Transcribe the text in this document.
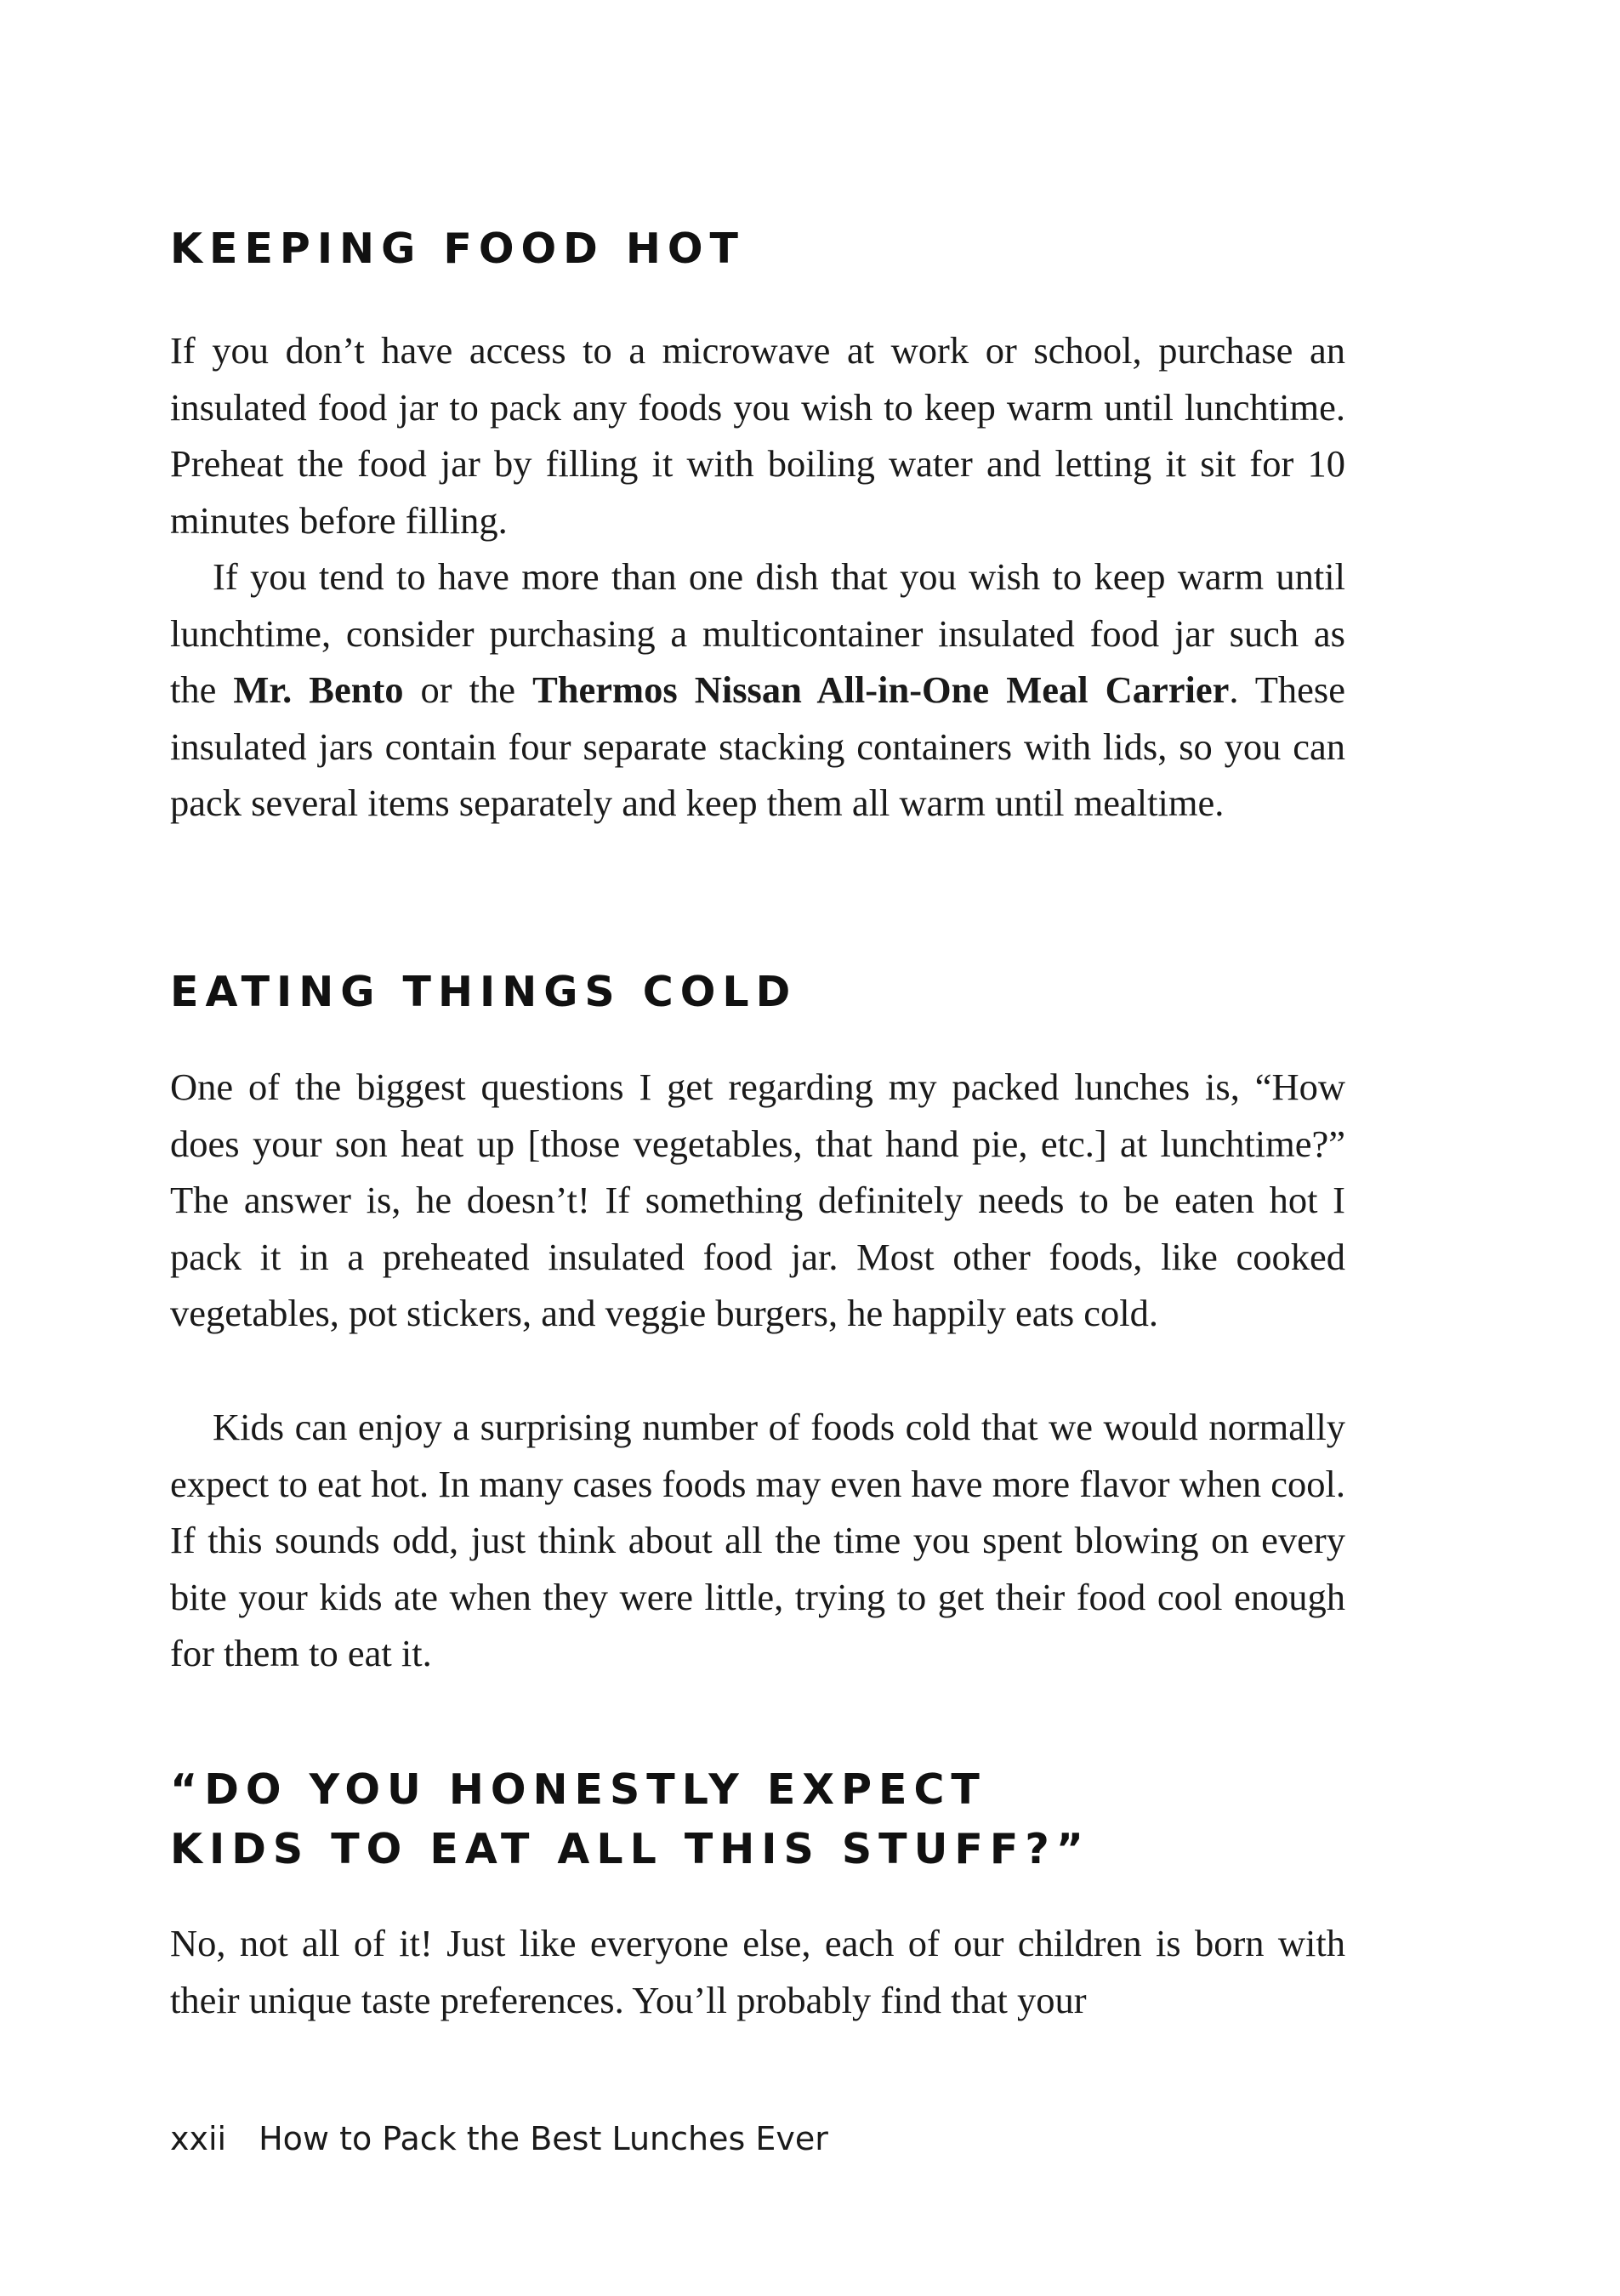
KEEPING FOOD HOT

If you don’t have access to a microwave at work or school, purchase an insulated food jar to pack any foods you wish to keep warm until lunchtime. Preheat the food jar by filling it with boiling water and letting it sit for 10 minutes before filling.

If you tend to have more than one dish that you wish to keep warm until lunchtime, consider purchasing a multicontainer insulated food jar such as the Mr. Bento or the Thermos Nissan All-in-One Meal Carrier. These insulated jars contain four separate stacking containers with lids, so you can pack several items separately and keep them all warm until mealtime.

EATING THINGS COLD

One of the biggest questions I get regarding my packed lunches is, “How does your son heat up [those vegetables, that hand pie, etc.] at lunchtime?” The answer is, he doesn’t! If something definitely needs to be eaten hot I pack it in a preheated insulated food jar. Most other foods, like cooked vegetables, pot stickers, and veggie burgers, he happily eats cold.

Kids can enjoy a surprising number of foods cold that we would normally expect to eat hot. In many cases foods may even have more flavor when cool. If this sounds odd, just think about all the time you spent blowing on every bite your kids ate when they were little, trying to get their food cool enough for them to eat it.

“DO YOU HONESTLY EXPECT
KIDS TO EAT ALL THIS STUFF?”

No, not all of it! Just like everyone else, each of our children is born with their unique taste preferences. You’ll probably find that your

xxii How to Pack the Best Lunches Ever
